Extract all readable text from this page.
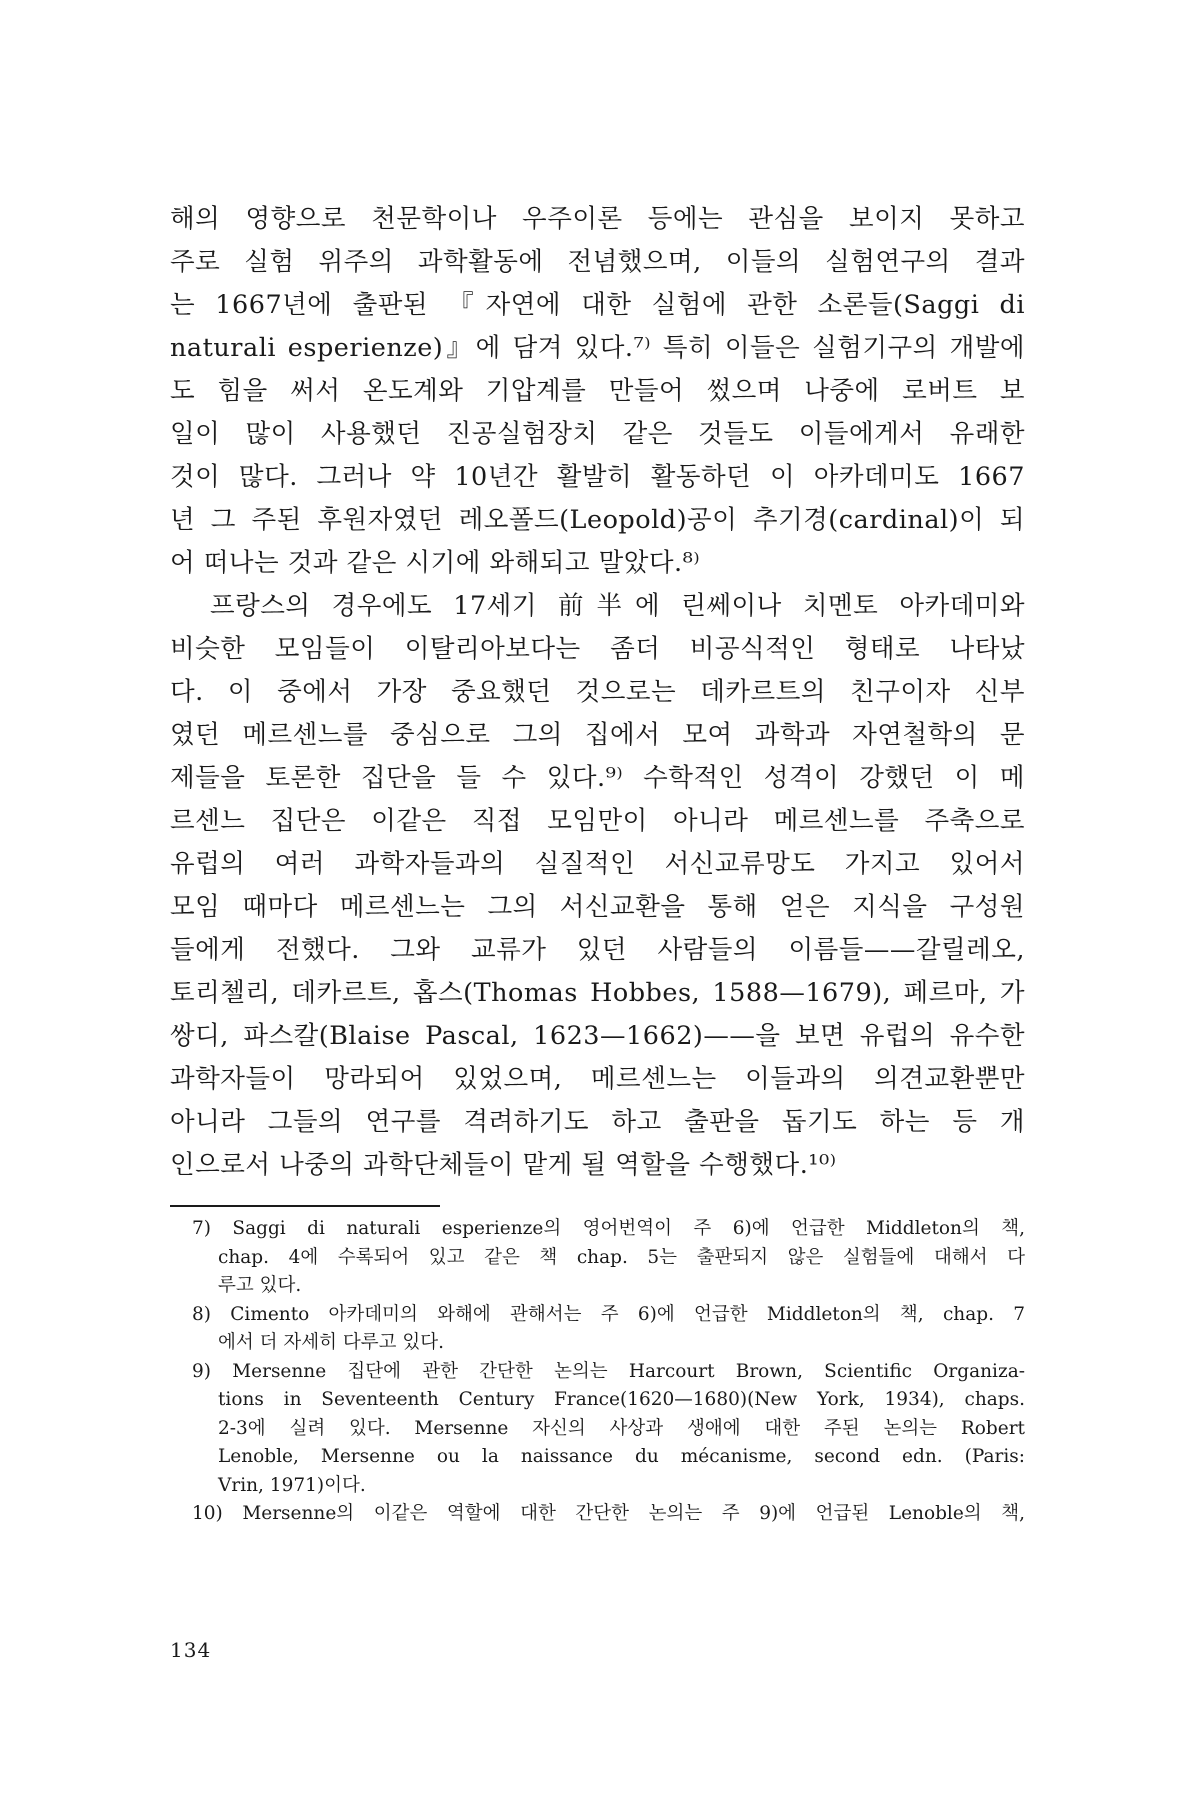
해의 영향으로 천문학이나 우주이론 등에는 관심을 보이지 못하고
주로 실험 위주의 과학활동에 전념했으며, 이들의 실험연구의 결과
는 1667년에 출판된 『자연에 대한 실험에 관한 소론들(Saggi di
naturali esperienze)』에 담겨 있다.⁷⁾ 특히 이들은 실험기구의 개발에
도 힘을 써서 온도계와 기압계를 만들어 썼으며 나중에 로버트 보
일이 많이 사용했던 진공실험장치 같은 것들도 이들에게서 유래한
것이 많다. 그러나 약 10년간 활발히 활동하던 이 아카데미도 1667
년 그 주된 후원자였던 레오폴드(Leopold)공이 추기경(cardinal)이 되
어 떠나는 것과 같은 시기에 와해되고 말았다.⁸⁾
프랑스의 경우에도 17세기 前半에 린쎄이나 치멘토 아카데미와
비슷한 모임들이 이탈리아보다는 좀더 비공식적인 형태로 나타났
다. 이 중에서 가장 중요했던 것으로는 데카르트의 친구이자 신부
였던 메르센느를 중심으로 그의 집에서 모여 과학과 자연철학의 문
제들을 토론한 집단을 들 수 있다.⁹⁾ 수학적인 성격이 강했던 이 메
르센느 집단은 이같은 직접 모임만이 아니라 메르센느를 주축으로
유럽의 여러 과학자들과의 실질적인 서신교류망도 가지고 있어서
모임 때마다 메르센느는 그의 서신교환을 통해 얻은 지식을 구성원
들에게 전했다. 그와 교류가 있던 사람들의 이름들——갈릴레오,
토리첼리, 데카르트, 홉스(Thomas Hobbes, 1588—1679), 페르마, 가
쌍디, 파스칼(Blaise Pascal, 1623—1662)——을 보면 유럽의 유수한
과학자들이 망라되어 있었으며, 메르센느는 이들과의 의견교환뿐만
아니라 그들의 연구를 격려하기도 하고 출판을 돕기도 하는 등 개
인으로서 나중의 과학단체들이 맡게 될 역할을 수행했다.¹⁰⁾
7) Saggi di naturali esperienze의 영어번역이 주 6)에 언급한 Middleton의 책,
chap. 4에 수록되어 있고 같은 책 chap. 5는 출판되지 않은 실험들에 대해서 다
루고 있다.
8) Cimento 아카데미의 와해에 관해서는 주 6)에 언급한 Middleton의 책, chap. 7
에서 더 자세히 다루고 있다.
9) Mersenne 집단에 관한 간단한 논의는 Harcourt Brown, Scientific Organiza-
tions in Seventeenth Century France(1620—1680)(New York, 1934), chaps.
2-3에 실려 있다. Mersenne 자신의 사상과 생애에 대한 주된 논의는 Robert
Lenoble, Mersenne ou la naissance du mécanisme, second edn. (Paris:
Vrin, 1971)이다.
10) Mersenne의 이같은 역할에 대한 간단한 논의는 주 9)에 언급된 Lenoble의 책,
134
